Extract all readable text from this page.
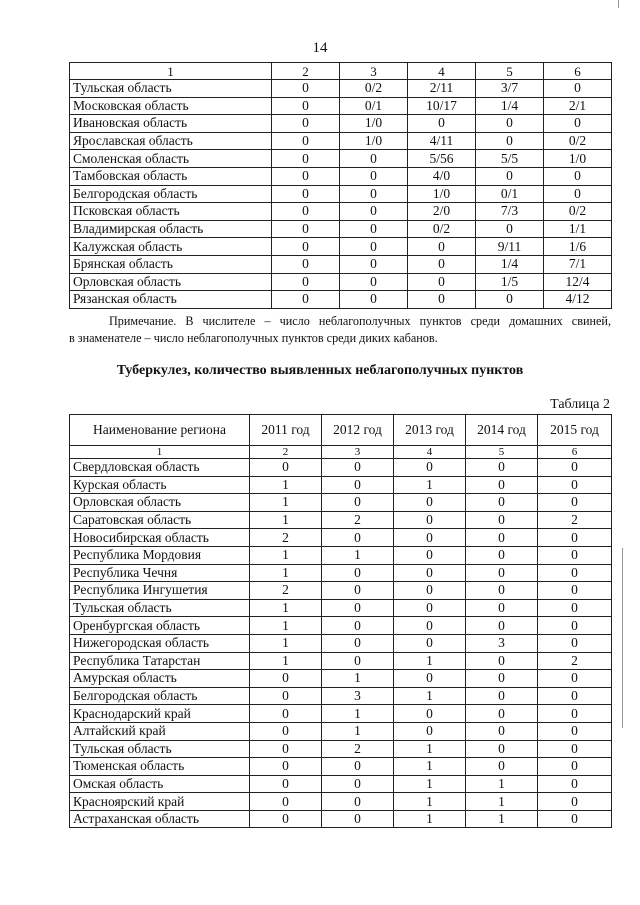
14
1	2	3	4	5	6
Тульская область	0	0/2	2/11	3/7	0
Московская область	0	0/1	10/17	1/4	2/1
Ивановская область	0	1/0	0	0	0
Ярославская область	0	1/0	4/11	0	0/2
Смоленская область	0	0	5/56	5/5	1/0
Тамбовская область	0	0	4/0	0	0
Белгородская область	0	0	1/0	0/1	0
Псковская область	0	0	2/0	7/3	0/2
Владимирская область	0	0	0/2	0	1/1
Калужская область	0	0	0	9/11	1/6
Брянская область	0	0	0	1/4	7/1
Орловская область	0	0	0	1/5	12/4
Рязанская область	0	0	0	0	4/12
Примечание. В числителе – число неблагополучных пунктов среди домашних свиней,
в знаменателе – число неблагополучных пунктов среди диких кабанов.
Туберкулез, количество выявленных неблагополучных пунктов
Таблица 2
Наименование региона	2011 год	2012 год	2013 год	2014 год	2015 год
1	2	3	4	5	6
Свердловская область	0	0	0	0	0
Курская область	1	0	1	0	0
Орловская область	1	0	0	0	0
Саратовская область	1	2	0	0	2
Новосибирская область	2	0	0	0	0
Республика Мордовия	1	1	0	0	0
Республика Чечня	1	0	0	0	0
Республика Ингушетия	2	0	0	0	0
Тульская область	1	0	0	0	0
Оренбургская область	1	0	0	0	0
Нижегородская область	1	0	0	3	0
Республика Татарстан	1	0	1	0	2
Амурская область	0	1	0	0	0
Белгородская область	0	3	1	0	0
Краснодарский край	0	1	0	0	0
Алтайский край	0	1	0	0	0
Тульская область	0	2	1	0	0
Тюменская область	0	0	1	0	0
Омская область	0	0	1	1	0
Красноярский край	0	0	1	1	0
Астраханская область	0	0	1	1	0
